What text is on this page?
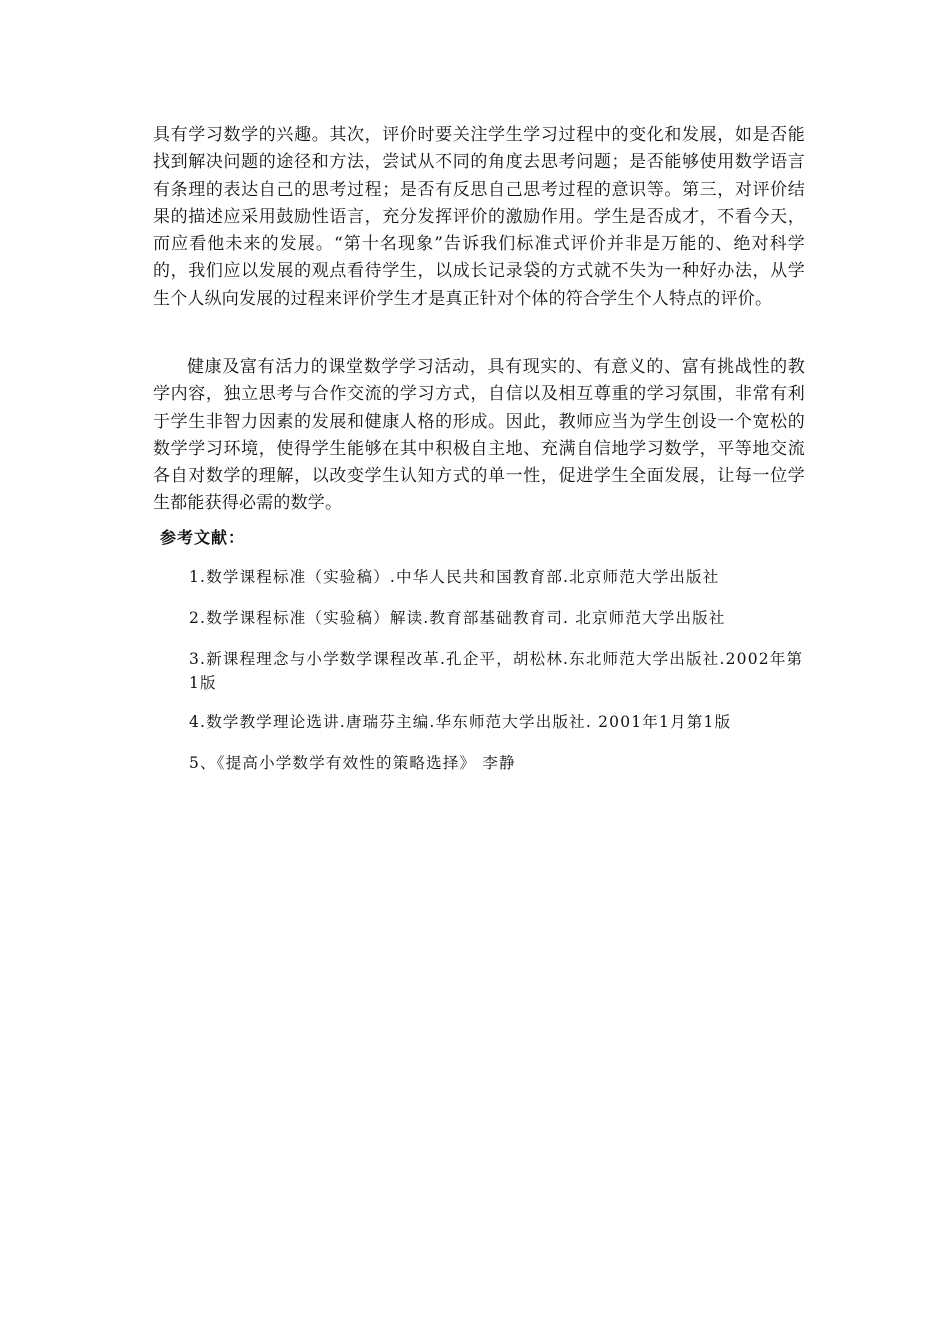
具有学习数学的兴趣。其次，评价时要关注学生学习过程中的变化和发展，如是否能找到解决问题的途径和方法，尝试从不同的角度去思考问题；是否能够使用数学语言有条理的表达自己的思考过程；是否有反思自己思考过程的意识等。第三，对评价结果的描述应采用鼓励性语言，充分发挥评价的激励作用。学生是否成才，不看今天，而应看他未来的发展。“第十名现象”告诉我们标准式评价并非是万能的、绝对科学的，我们应以发展的观点看待学生，以成长记录袋的方式就不失为一种好办法，从学生个人纵向发展的过程来评价学生才是真正针对个体的符合学生个人特点的评价。

健康及富有活力的课堂数学学习活动，具有现实的、有意义的、富有挑战性的教学内容，独立思考与合作交流的学习方式，自信以及相互尊重的学习氛围，非常有利于学生非智力因素的发展和健康人格的形成。因此，教师应当为学生创设一个宽松的数学学习环境，使得学生能够在其中积极自主地、充满自信地学习数学，平等地交流各自对数学的理解，以改变学生认知方式的单一性，促进学生全面发展，让每一位学生都能获得必需的数学。

参考文献：
1.数学课程标准（实验稿）.中华人民共和国教育部.北京师范大学出版社
2.数学课程标准（实验稿）解读.教育部基础教育司. 北京师范大学出版社
3.新课程理念与小学数学课程改革.孔企平，胡松林.东北师范大学出版社.2002年第1版
4.数学教学理论选讲.唐瑞芬主编.华东师范大学出版社. 2001年1月第1版
5、《提高小学数学有效性的策略选择》 李静
